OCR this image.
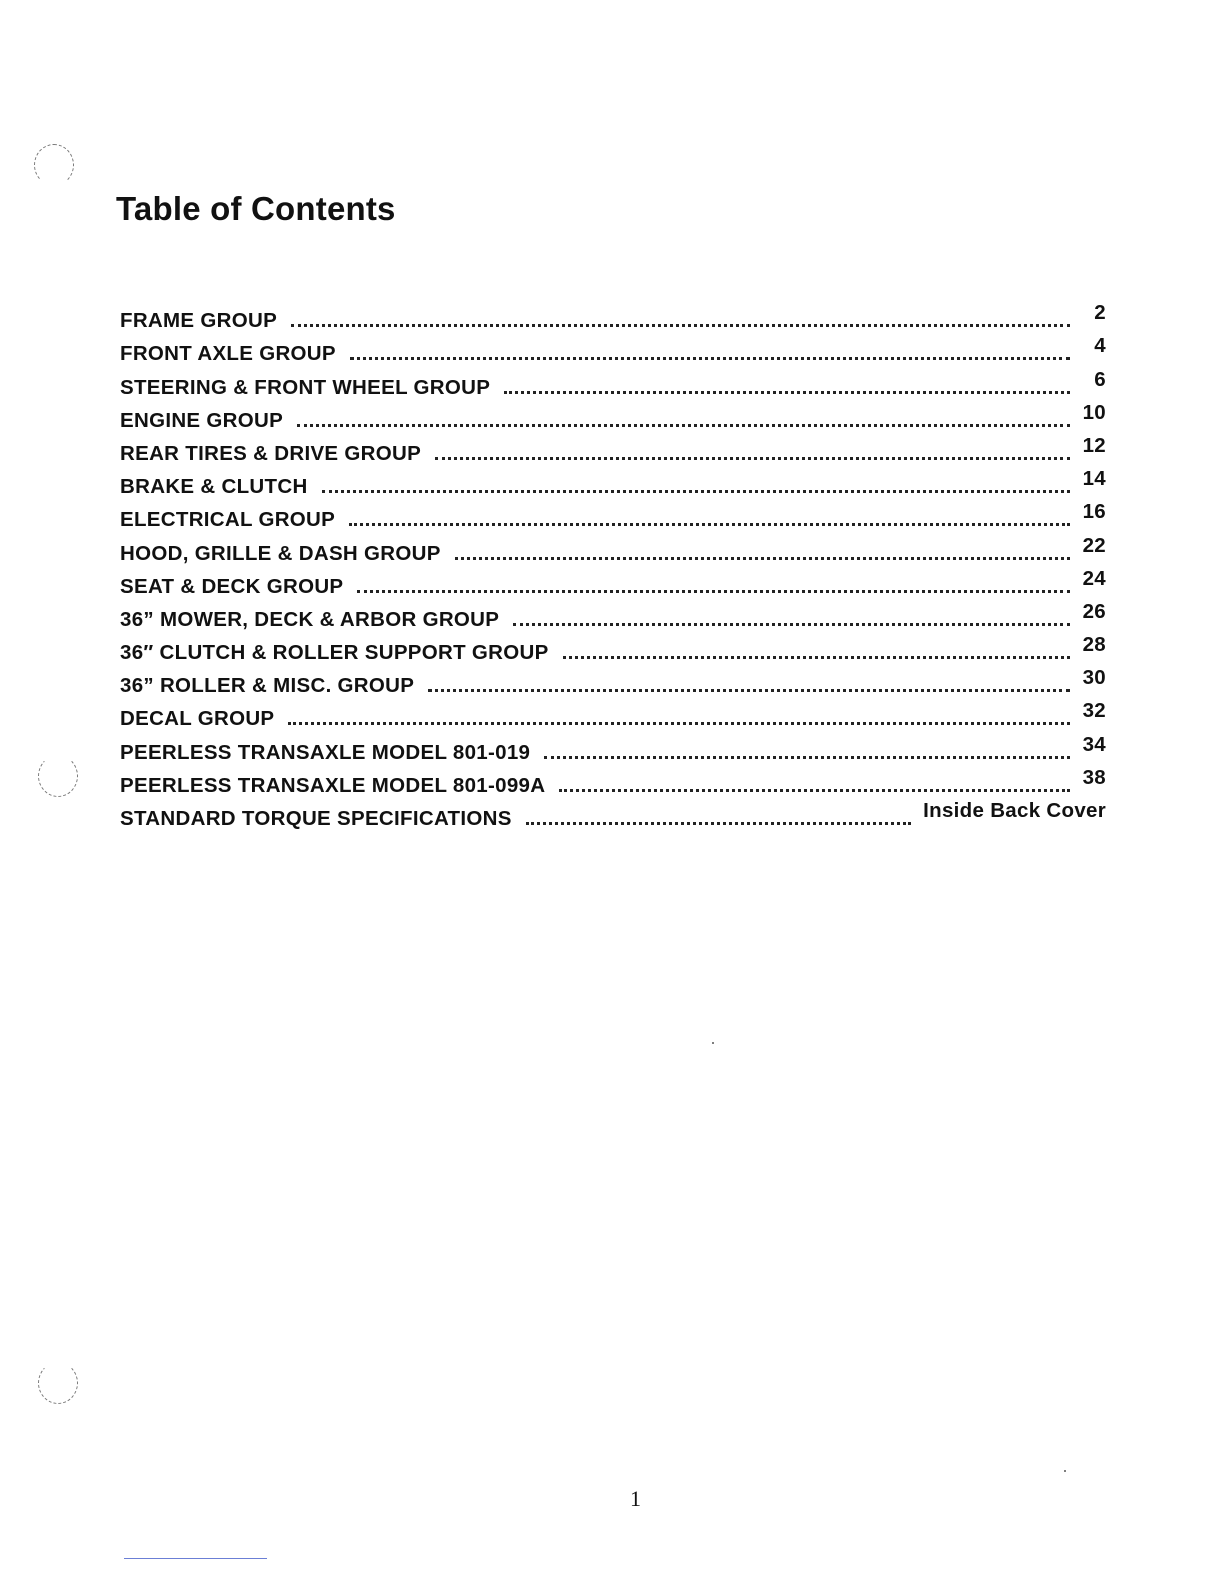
Table of Contents
FRAME GROUP	2
FRONT AXLE GROUP	4
STEERING & FRONT WHEEL GROUP	6
ENGINE GROUP	10
REAR TIRES & DRIVE GROUP	12
BRAKE & CLUTCH	14
ELECTRICAL GROUP	16
HOOD, GRILLE & DASH GROUP	22
SEAT & DECK GROUP	24
36” MOWER, DECK & ARBOR GROUP	26
36″ CLUTCH & ROLLER SUPPORT GROUP	28
36” ROLLER & MISC. GROUP	30
DECAL GROUP	32
PEERLESS TRANSAXLE MODEL 801-019	34
PEERLESS TRANSAXLE MODEL 801-099A	38
STANDARD TORQUE SPECIFICATIONS	Inside Back Cover
1
